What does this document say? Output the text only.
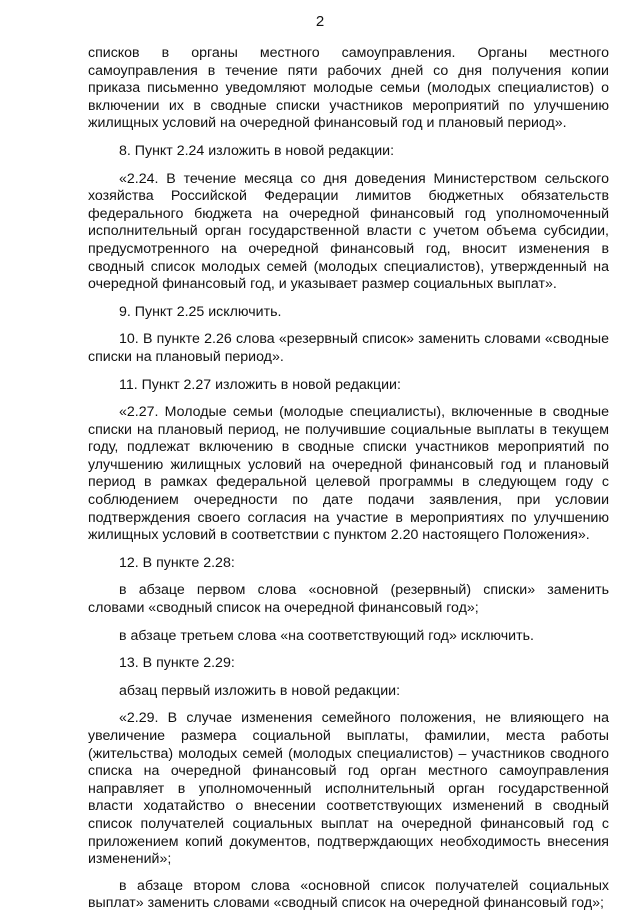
2

списков в органы местного самоуправления. Органы местного самоуправления в течение пяти рабочих дней со дня получения копии приказа письменно уведомляют молодые семьи (молодых специалистов) о включении их в сводные списки участников мероприятий по улучшению жилищных условий на очередной финансовый год и плановый период».

8. Пункт 2.24 изложить в новой редакции:

«2.24. В течение месяца со дня доведения Министерством сельского хозяйства Российской Федерации лимитов бюджетных обязательств федерального бюджета на очередной финансовый год уполномоченный исполнительный орган государственной власти с учетом объема субсидии, предусмотренного на очередной финансовый год, вносит изменения в сводный список молодых семей (молодых специалистов), утвержденный на очередной финансовый год, и указывает размер социальных выплат».

9. Пункт 2.25 исключить.

10. В пункте 2.26 слова «резервный список» заменить словами «сводные списки на плановый период».

11. Пункт 2.27 изложить в новой редакции:

«2.27. Молодые семьи (молодые специалисты), включенные в сводные списки на плановый период, не получившие социальные выплаты в текущем году, подлежат включению в сводные списки участников мероприятий по улучшению жилищных условий на очередной финансовый год и плановый период в рамках федеральной целевой программы в следующем году с соблюдением очередности по дате подачи заявления, при условии подтверждения своего согласия на участие в мероприятиях по улучшению жилищных условий в соответствии с пунктом 2.20 настоящего Положения».

12. В пункте 2.28:

в абзаце первом слова «основной (резервный) списки» заменить словами «сводный список на очередной финансовый год»;

в абзаце третьем слова «на соответствующий год» исключить.

13. В пункте 2.29:

абзац первый изложить в новой редакции:

«2.29. В случае изменения семейного положения, не влияющего на увеличение размера социальной выплаты, фамилии, места работы (жительства) молодых семей (молодых специалистов) – участников сводного списка на очередной финансовый год орган местного самоуправления направляет в уполномоченный исполнительный орган государственной власти ходатайство о внесении соответствующих изменений в сводный список получателей социальных выплат на очередной финансовый год с приложением копий документов, подтверждающих необходимость внесения изменений»;

в абзаце втором слова «основной список получателей социальных выплат» заменить словами «сводный список на очередной финансовый год»;
